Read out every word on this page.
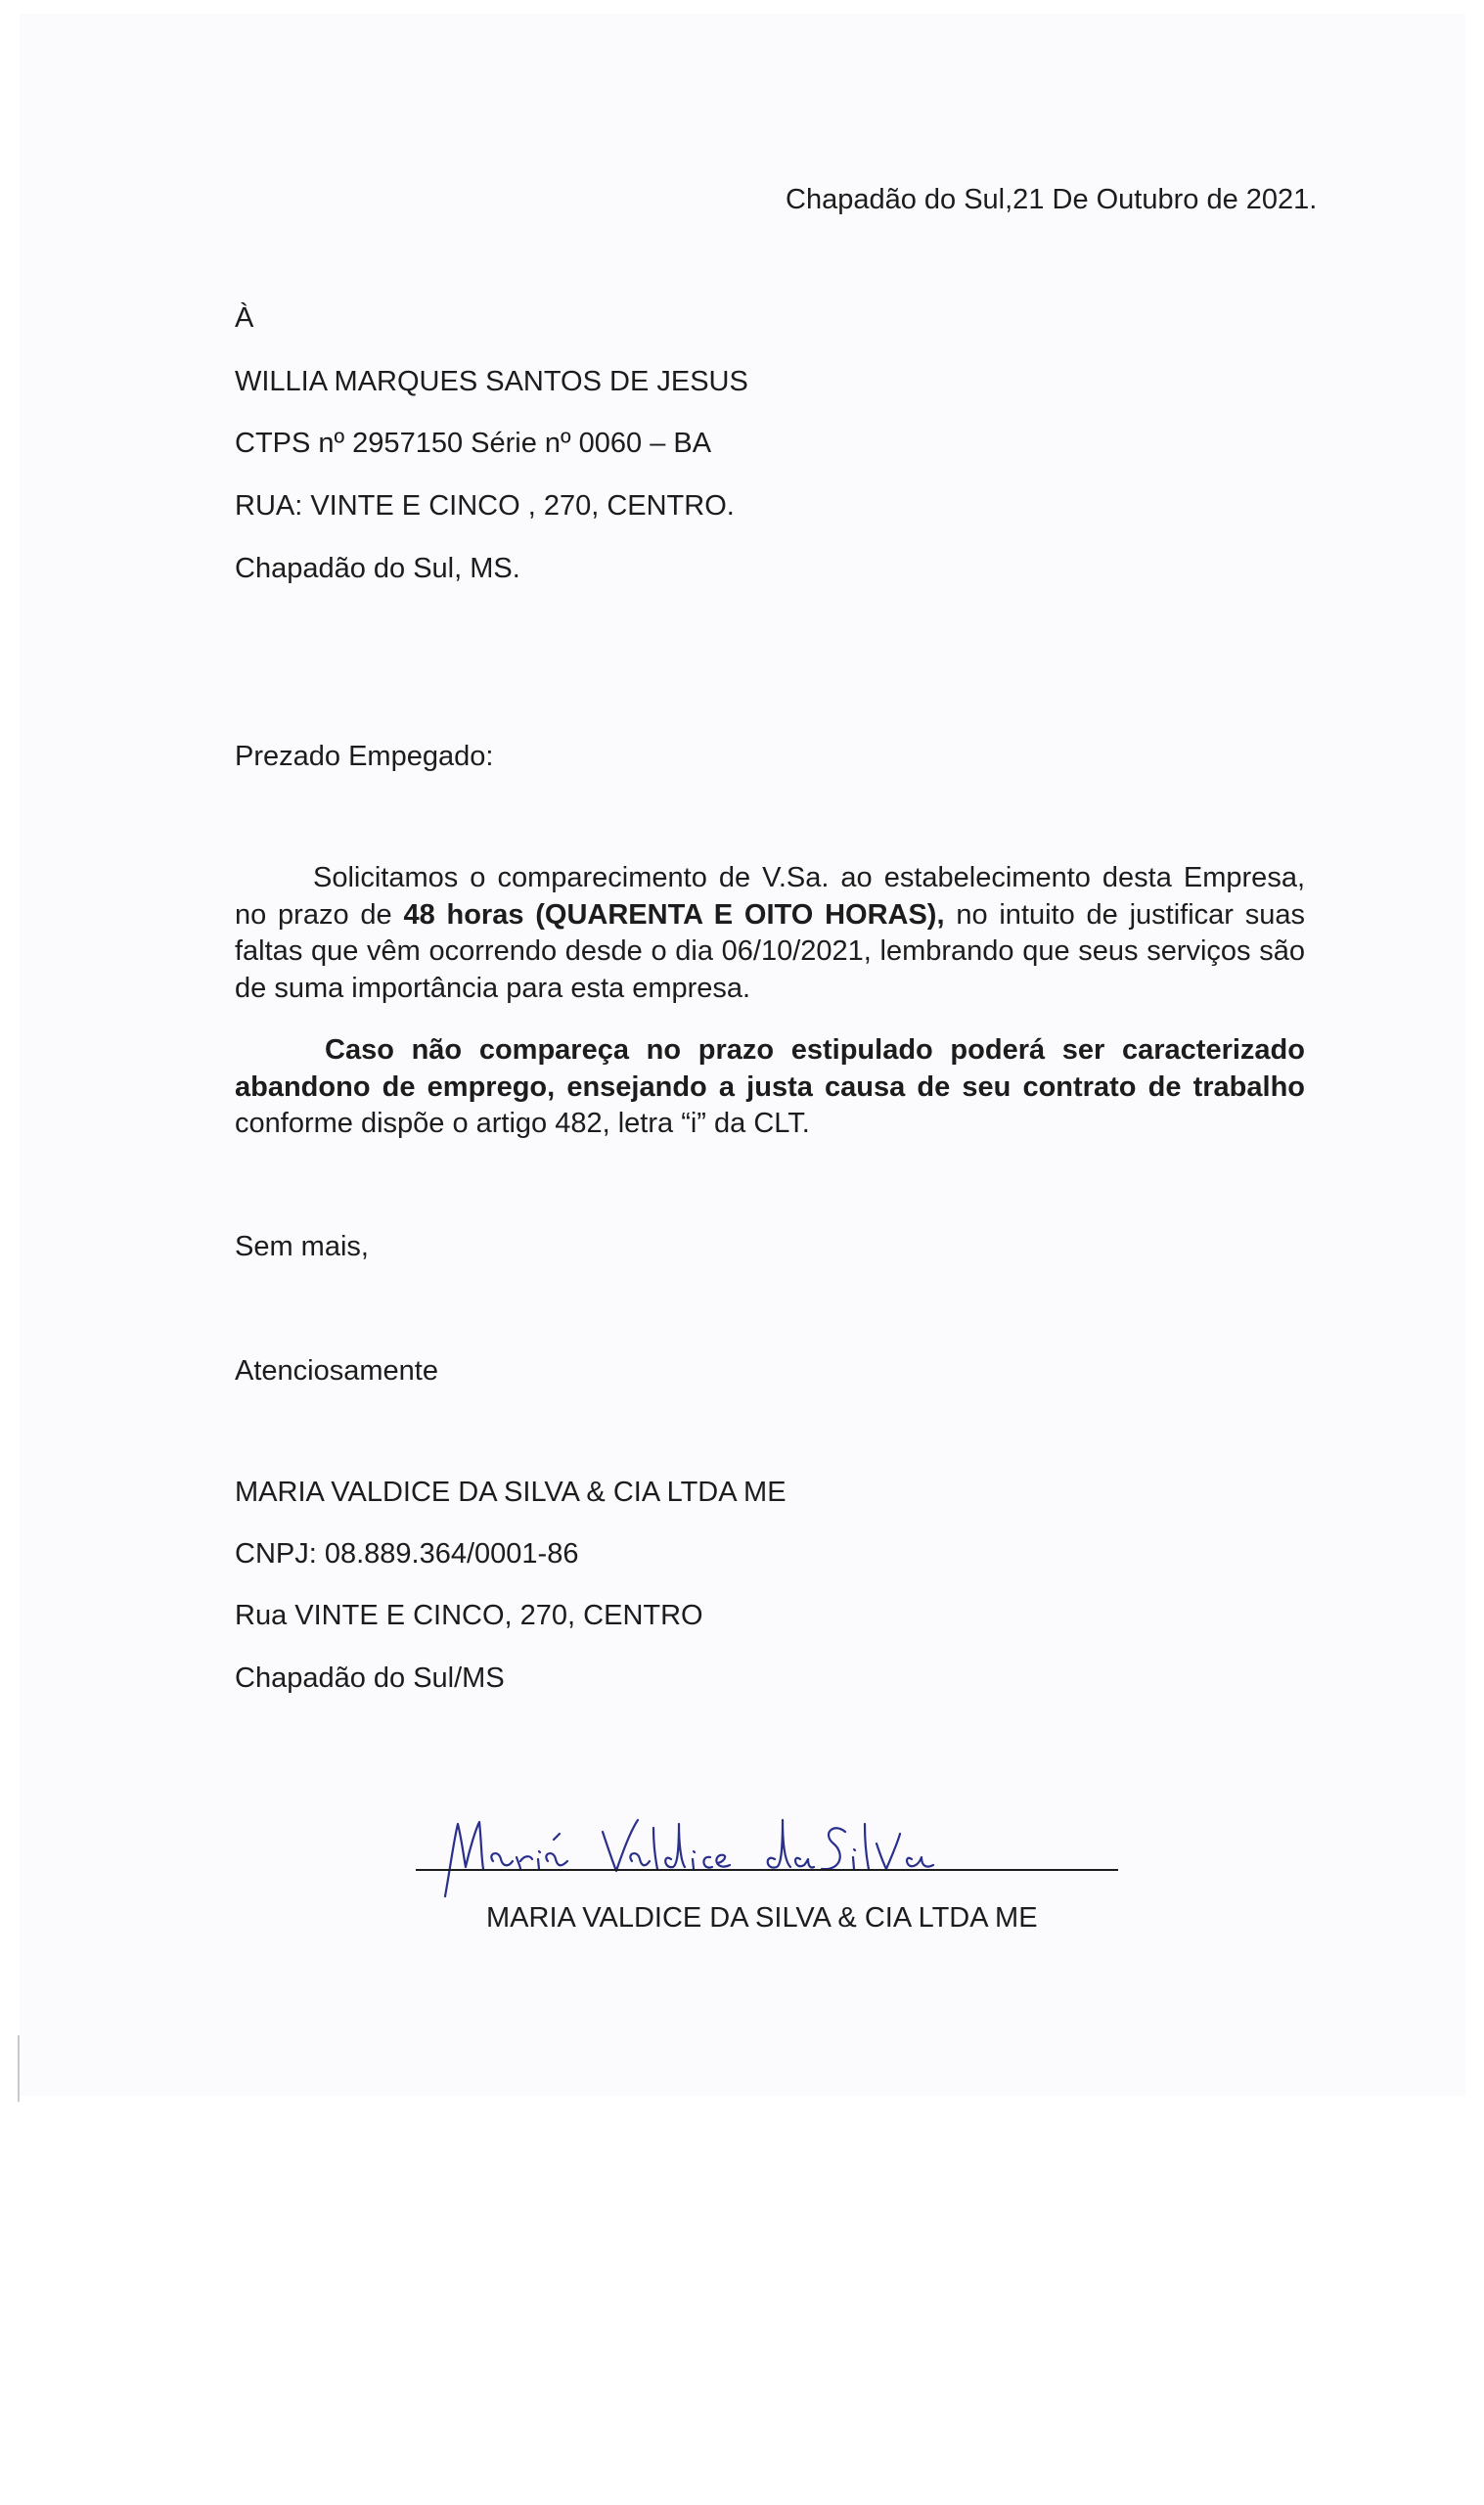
Chapadão do Sul,21 De Outubro de 2021.

À

WILLIA MARQUES SANTOS DE JESUS

CTPS nº 2957150 Série nº 0060 – BA

RUA: VINTE E CINCO , 270, CENTRO.

Chapadão do Sul, MS.

Prezado Empegado:

Solicitamos o comparecimento de V.Sa. ao estabelecimento desta Empresa, no prazo de 48 horas (QUARENTA E OITO HORAS), no intuito de justificar suas faltas que vêm ocorrendo desde o dia 06/10/2021, lembrando que seus serviços são de suma importância para esta empresa.

Caso não compareça no prazo estipulado poderá ser caracterizado abandono de emprego, ensejando a justa causa de seu contrato de trabalho conforme dispõe o artigo 482, letra “i” da CLT.

Sem mais,

Atenciosamente

MARIA VALDICE DA SILVA & CIA LTDA ME

CNPJ: 08.889.364/0001-86

Rua VINTE E CINCO, 270, CENTRO

Chapadão do Sul/MS

MARIA VALDICE DA SILVA & CIA LTDA ME
